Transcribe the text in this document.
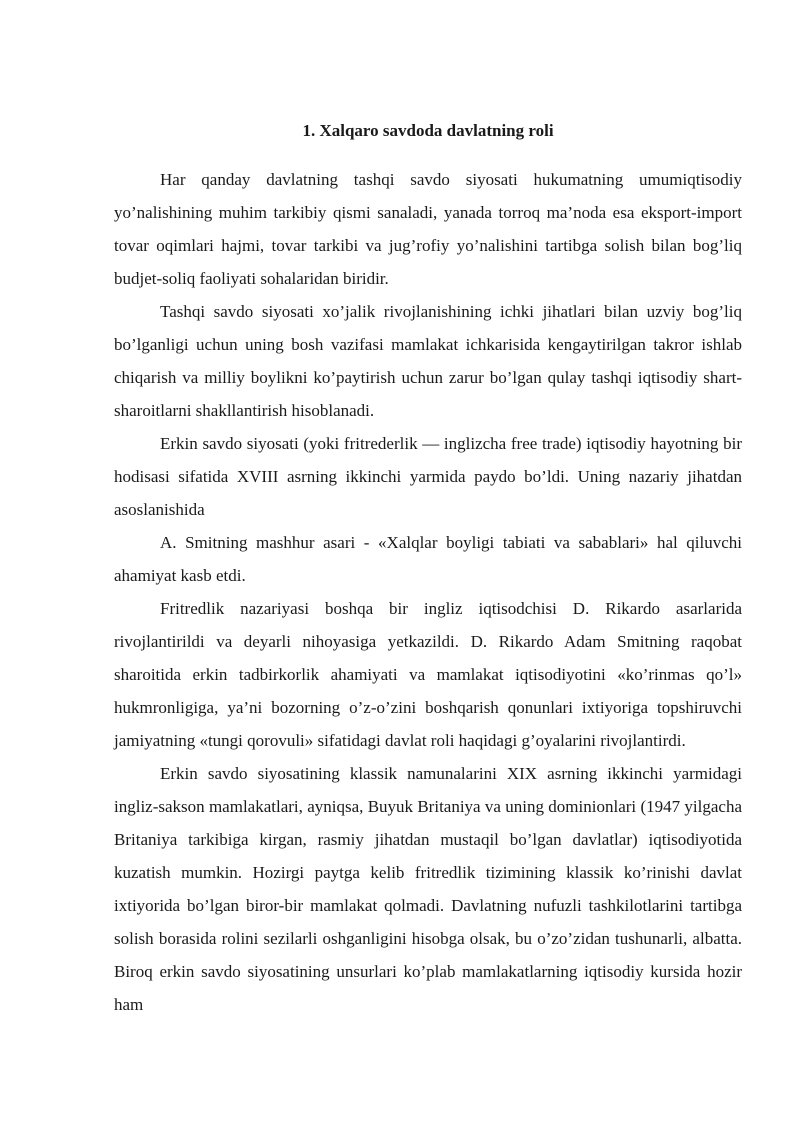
1. Xalqaro savdoda davlatning roli

Har qanday davlatning tashqi savdo siyosati hukumatning umumiqtisodiy yo’nalishining muhim tarkibiy qismi sanaladi, yanada torroq ma’noda esa eksport-import tovar oqimlari hajmi, tovar tarkibi va jug’rofiy yo’nalishini tartibga solish bilan bog’liq budjet-soliq faoliyati sohalaridan biridir.

Tashqi savdo siyosati xo’jalik rivojlanishining ichki jihatlari bilan uzviy bog’liq bo’lganligi uchun uning bosh vazifasi mamlakat ichkarisida kengaytirilgan takror ishlab chiqarish va milliy boylikni ko’paytirish uchun zarur bo’lgan qulay tashqi iqtisodiy shart-sharoitlarni shakllantirish hisoblanadi.

Erkin savdo siyosati (yoki fritrederlik — inglizcha free trade) iqtisodiy hayotning bir hodisasi sifatida XVIII asrning ikkinchi yarmida paydo bo’ldi. Uning nazariy jihatdan asoslanishida

A. Smitning mashhur asari - «Xalqlar boyligi tabiati va sabablari» hal qiluvchi ahamiyat kasb etdi.

Fritredlik nazariyasi boshqa bir ingliz iqtisodchisi D. Rikardo asarlarida rivojlantirildi va deyarli nihoyasiga yetkazildi. D. Rikardo Adam Smitning raqobat sharoitida erkin tadbirkorlik ahamiyati va mamlakat iqtisodiyotini «ko’rinmas qo’l» hukmronligiga, ya’ni bozorning o’z-o’zini boshqarish qonunlari ixtiyoriga topshiruvchi jamiyatning «tungi qorovuli» sifatidagi davlat roli haqidagi g’oyalarini rivojlantirdi.

Erkin savdo siyosatining klassik namunalarini XIX asrning ikkinchi yarmidagi ingliz-sakson mamlakatlari, ayniqsa, Buyuk Britaniya va uning dominionlari (1947 yilgacha Britaniya tarkibiga kirgan, rasmiy jihatdan mustaqil bo’lgan davlatlar) iqtisodiyotida kuzatish mumkin. Hozirgi paytga kelib fritredlik tizimining klassik ko’rinishi davlat ixtiyorida bo’lgan biror-bir mamlakat qolmadi. Davlatning nufuzli tashkilotlarini tartibga solish borasida rolini sezilarli oshganligini hisobga olsak, bu o’zo’zidan tushunarli, albatta. Biroq erkin savdo siyosatining unsurlari ko’plab mamlakatlarning iqtisodiy kursida hozir ham
